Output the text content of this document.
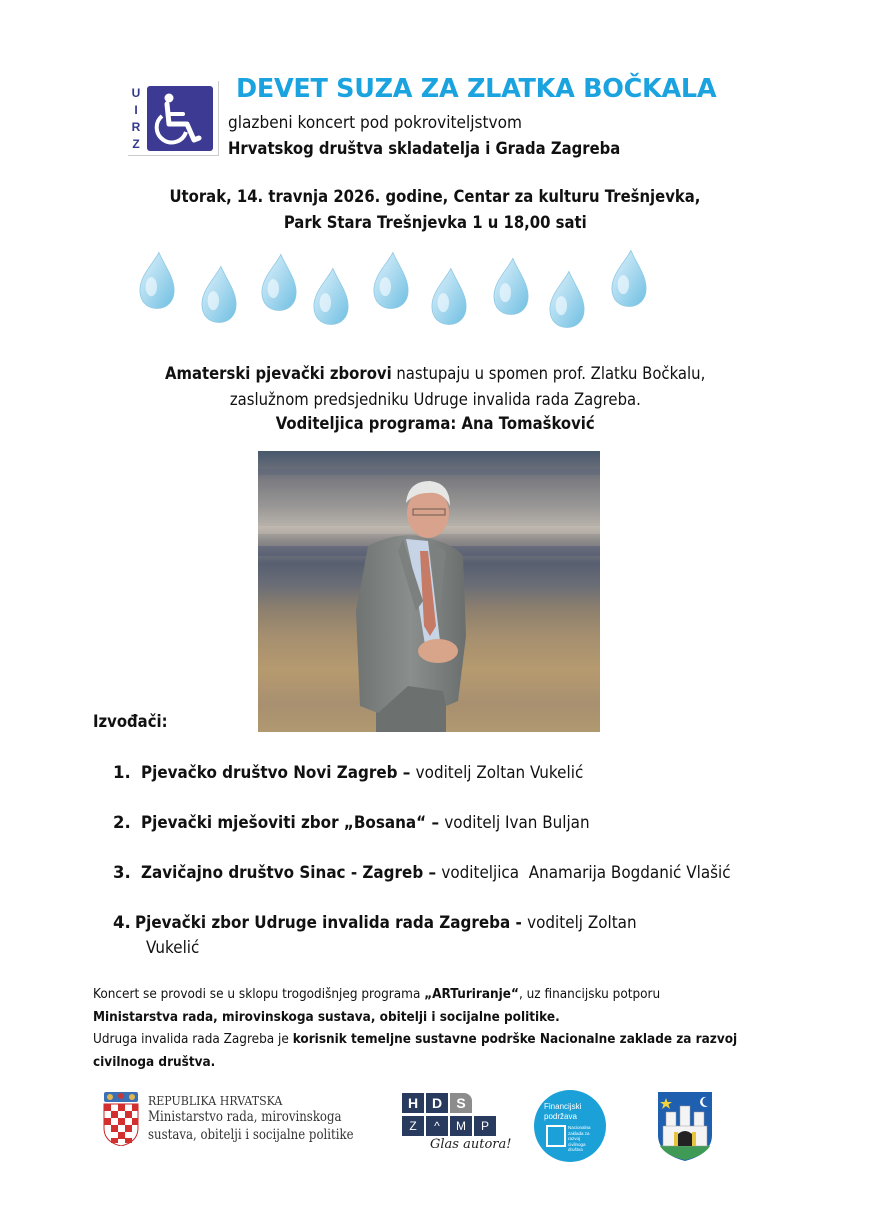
U
I
R
Z
DEVET SUZA ZA ZLATKA BOČKALA
glazbeni koncert pod pokroviteljstvom
Hrvatskog društva skladatelja i Grada Zagreba
Utorak, 14. travnja 2026. godine, Centar za kulturu Trešnjevka,
Park Stara Trešnjevka 1 u 18,00 sati
Amaterski pjevački zborovi nastupaju u spomen prof. Zlatku Bočkalu,
zaslužnom predsjedniku Udruge invalida rada Zagreba.
Voditeljica programa: Ana Tomašković
Izvođači:
1. Pjevačko društvo Novi Zagreb – voditelj Zoltan Vukelić
2. Pjevački mješoviti zbor „Bosana“ – voditelj Ivan Buljan
3. Zavičajno društvo Sinac - Zagreb – voditeljica  Anamarija Bogdanić Vlašić
4. Pjevački zbor Udruge invalida rada Zagreba - voditelj Zoltan
Vukelić
Koncert se provodi se u sklopu trogodišnjeg programa „ARTuriranje“, uz financijsku potporu
Ministarstva rada, mirovinskoga sustava, obitelji i socijalne politike.
Udruga invalida rada Zagreba je korisnik temeljne sustavne podrške Nacionalne zaklade za razvoj
civilnoga društva.
REPUBLIKA HRVATSKA
Ministarstvo rada, mirovinskoga
sustava, obitelji i socijalne politike
H D	S
Z	^	M	P
Glas autora!
Financijski
podržava
Nacionalna
zaklada za
razvoj
civilnoga
društva
